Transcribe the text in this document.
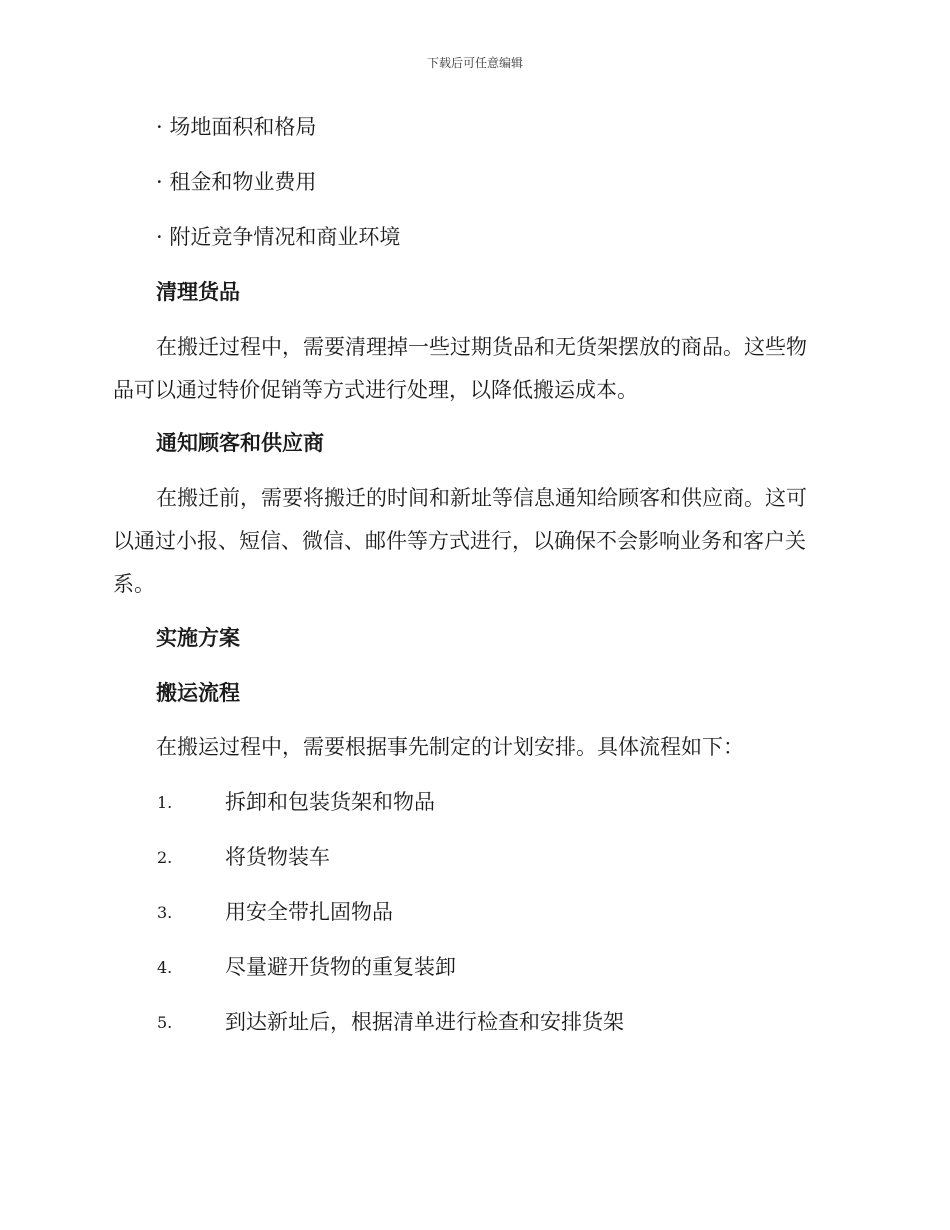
下载后可任意编辑
· 场地面积和格局
· 租金和物业费用
· 附近竞争情况和商业环境
清理货品
在搬迁过程中，需要清理掉一些过期货品和无货架摆放的商品。这些物
品可以通过特价促销等方式进行处理，以降低搬运成本。
通知顾客和供应商
在搬迁前，需要将搬迁的时间和新址等信息通知给顾客和供应商。这可
以通过小报、短信、微信、邮件等方式进行，以确保不会影响业务和客户关
系。
实施方案
搬运流程
在搬运过程中，需要根据事先制定的计划安排。具体流程如下：
1.	拆卸和包装货架和物品
2.	将货物装车
3.	用安全带扎固物品
4.	尽量避开货物的重复装卸
5.	到达新址后，根据清单进行检查和安排货架
